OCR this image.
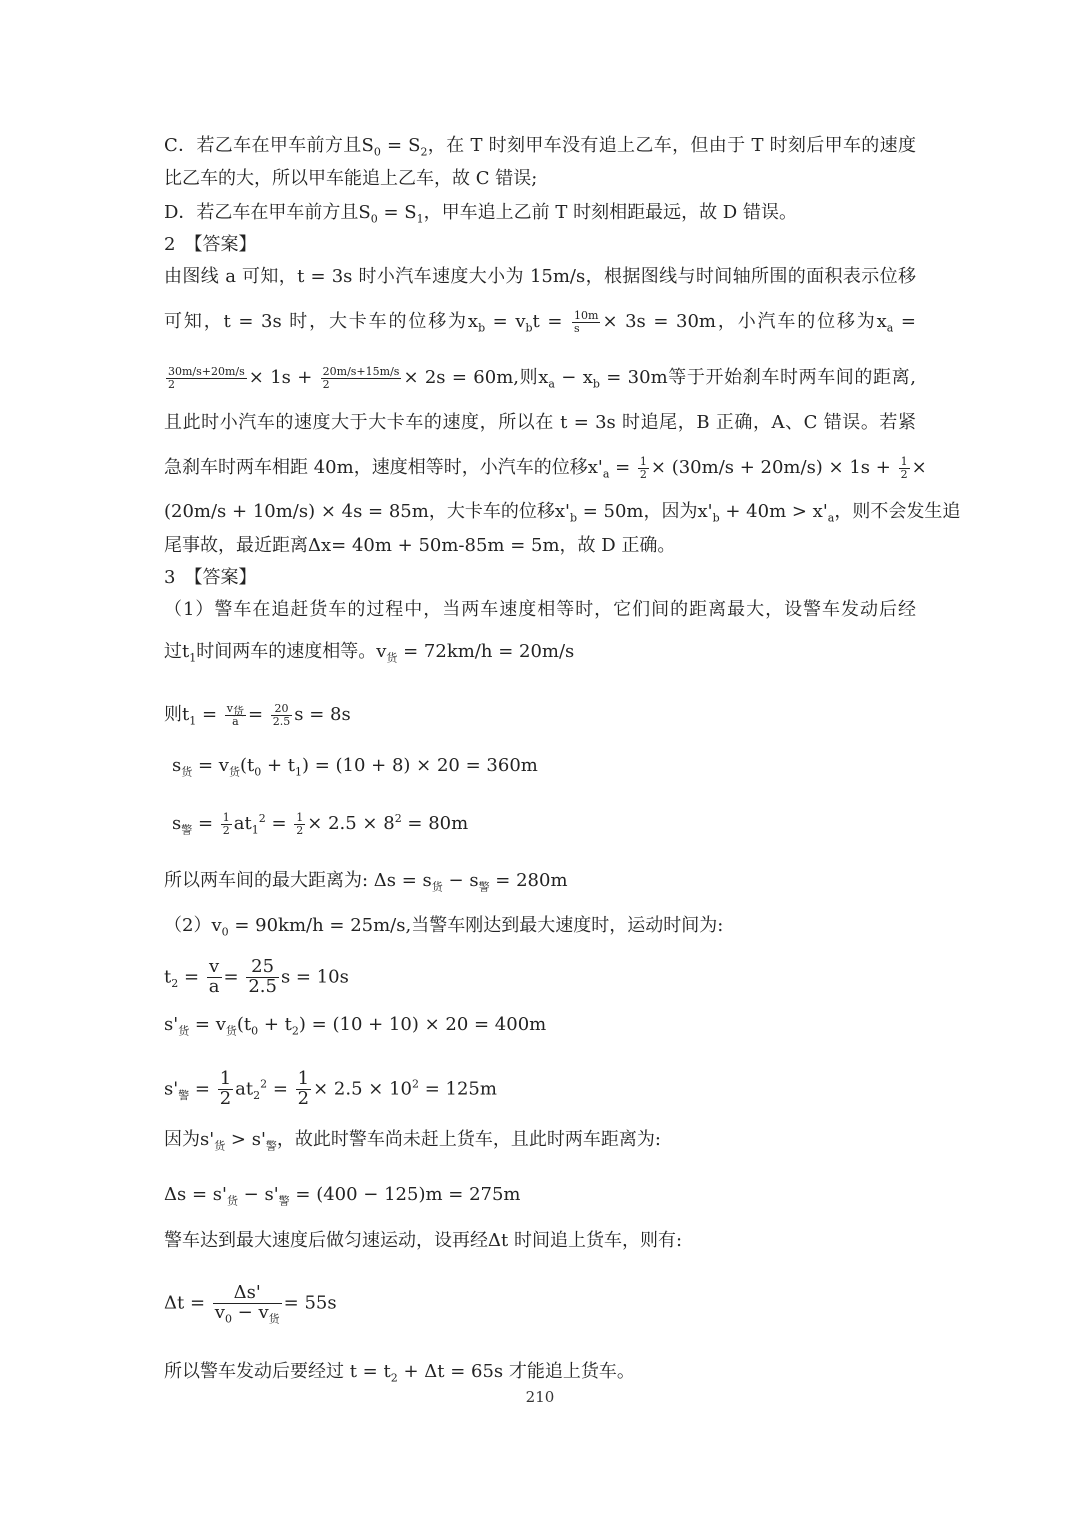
C．若乙车在甲车前方且$S_0 = S_2$，在 T 时刻甲车没有追上乙车，但由于 T 时刻后甲车的速度
比乙车的大，所以甲车能追上乙车，故 C 错误;
D．若乙车在甲车前方且$S_0 = S_1$，甲车追上乙前 T 时刻相距最远，故 D 错误。
2　【答案】
由图线 a 可知，t = 3s 时小汽车速度大小为 15m/s，根据图线与时间轴所围的面积表示位移
可知，t = 3s 时，大卡车的位移为$x_b = v_bt = \frac{10m}{s} \times 3s = 30m$，小汽车的位移为$x_a$ =
$\frac{30m/s+20m/s}{2} \times 1s + \frac{20m/s+15m/s}{2} \times 2s = 60m$,则$x_a - x_b = 30m$等于开始刹车时两车间的距离,
且此时小汽车的速度大于大卡车的速度，所以在 t = 3s 时追尾，B 正确，A、C 错误。若紧
急刹车时两车相距 40m，速度相等时，小汽车的位移$x'_a = \frac{1}{2} \times (30m/s + 20m/s) \times 1s + \frac{1}{2}$ ×
(20m/s + 10m/s) × 4s = 85m，大卡车的位移$x'_b = 50m$，因为$x'_b + 40m > x'_a$，则不会发生追
尾事故，最近距离Δx= 40m + 50m-85m = 5m，故 D 正确。
3　【答案】
（1）警车在追赶货车的过程中，当两车速度相等时，它们间的距离最大，设警车发动后经
过$t_1$时间两车的速度相等。$v_货 = 72km/h = 20m/s$
则$t_1 = \frac{v_货}{a} = \frac{20}{2.5}$ s = 8s
$s_货 = v_货(t_0 + t_1) = (10 + 8) \times 20 = 360m$
$s_警 = \frac{1}{2} at_1^2 = \frac{1}{2} \times 2.5 \times 8^2 = 80m$
所以两车间的最大距离为: $\Delta s = s_货 - s_警 = 280m$
$(2)v_0 = 90km/h = 25m/s$,当警车刚达到最大速度时，运动时间为:
$t_2 = \frac{v}{a} = \frac{25}{2.5}$ s = 10s
$s'_货 = v_货(t_0 + t_2) = (10 + 10) \times 20 = 400m$
$s'_警 = \frac{1}{2} at_2^2 = \frac{1}{2} \times 2.5 \times 10^2 = 125m$
因为$s'_货 > s'_警$，故此时警车尚未赶上货车，且此时两车距离为:
$\Delta s = s'_货 - s'_警 = (400 - 125)m = 275m$
警车达到最大速度后做匀速运动，设再经Δt 时间追上货车，则有:
$\Delta t = \frac{\Delta s'}{v_0 - v_货} = 55s$
所以警车发动后要经过 $t = t_2 + \Delta t = 65s$ 才能追上货车。
210
